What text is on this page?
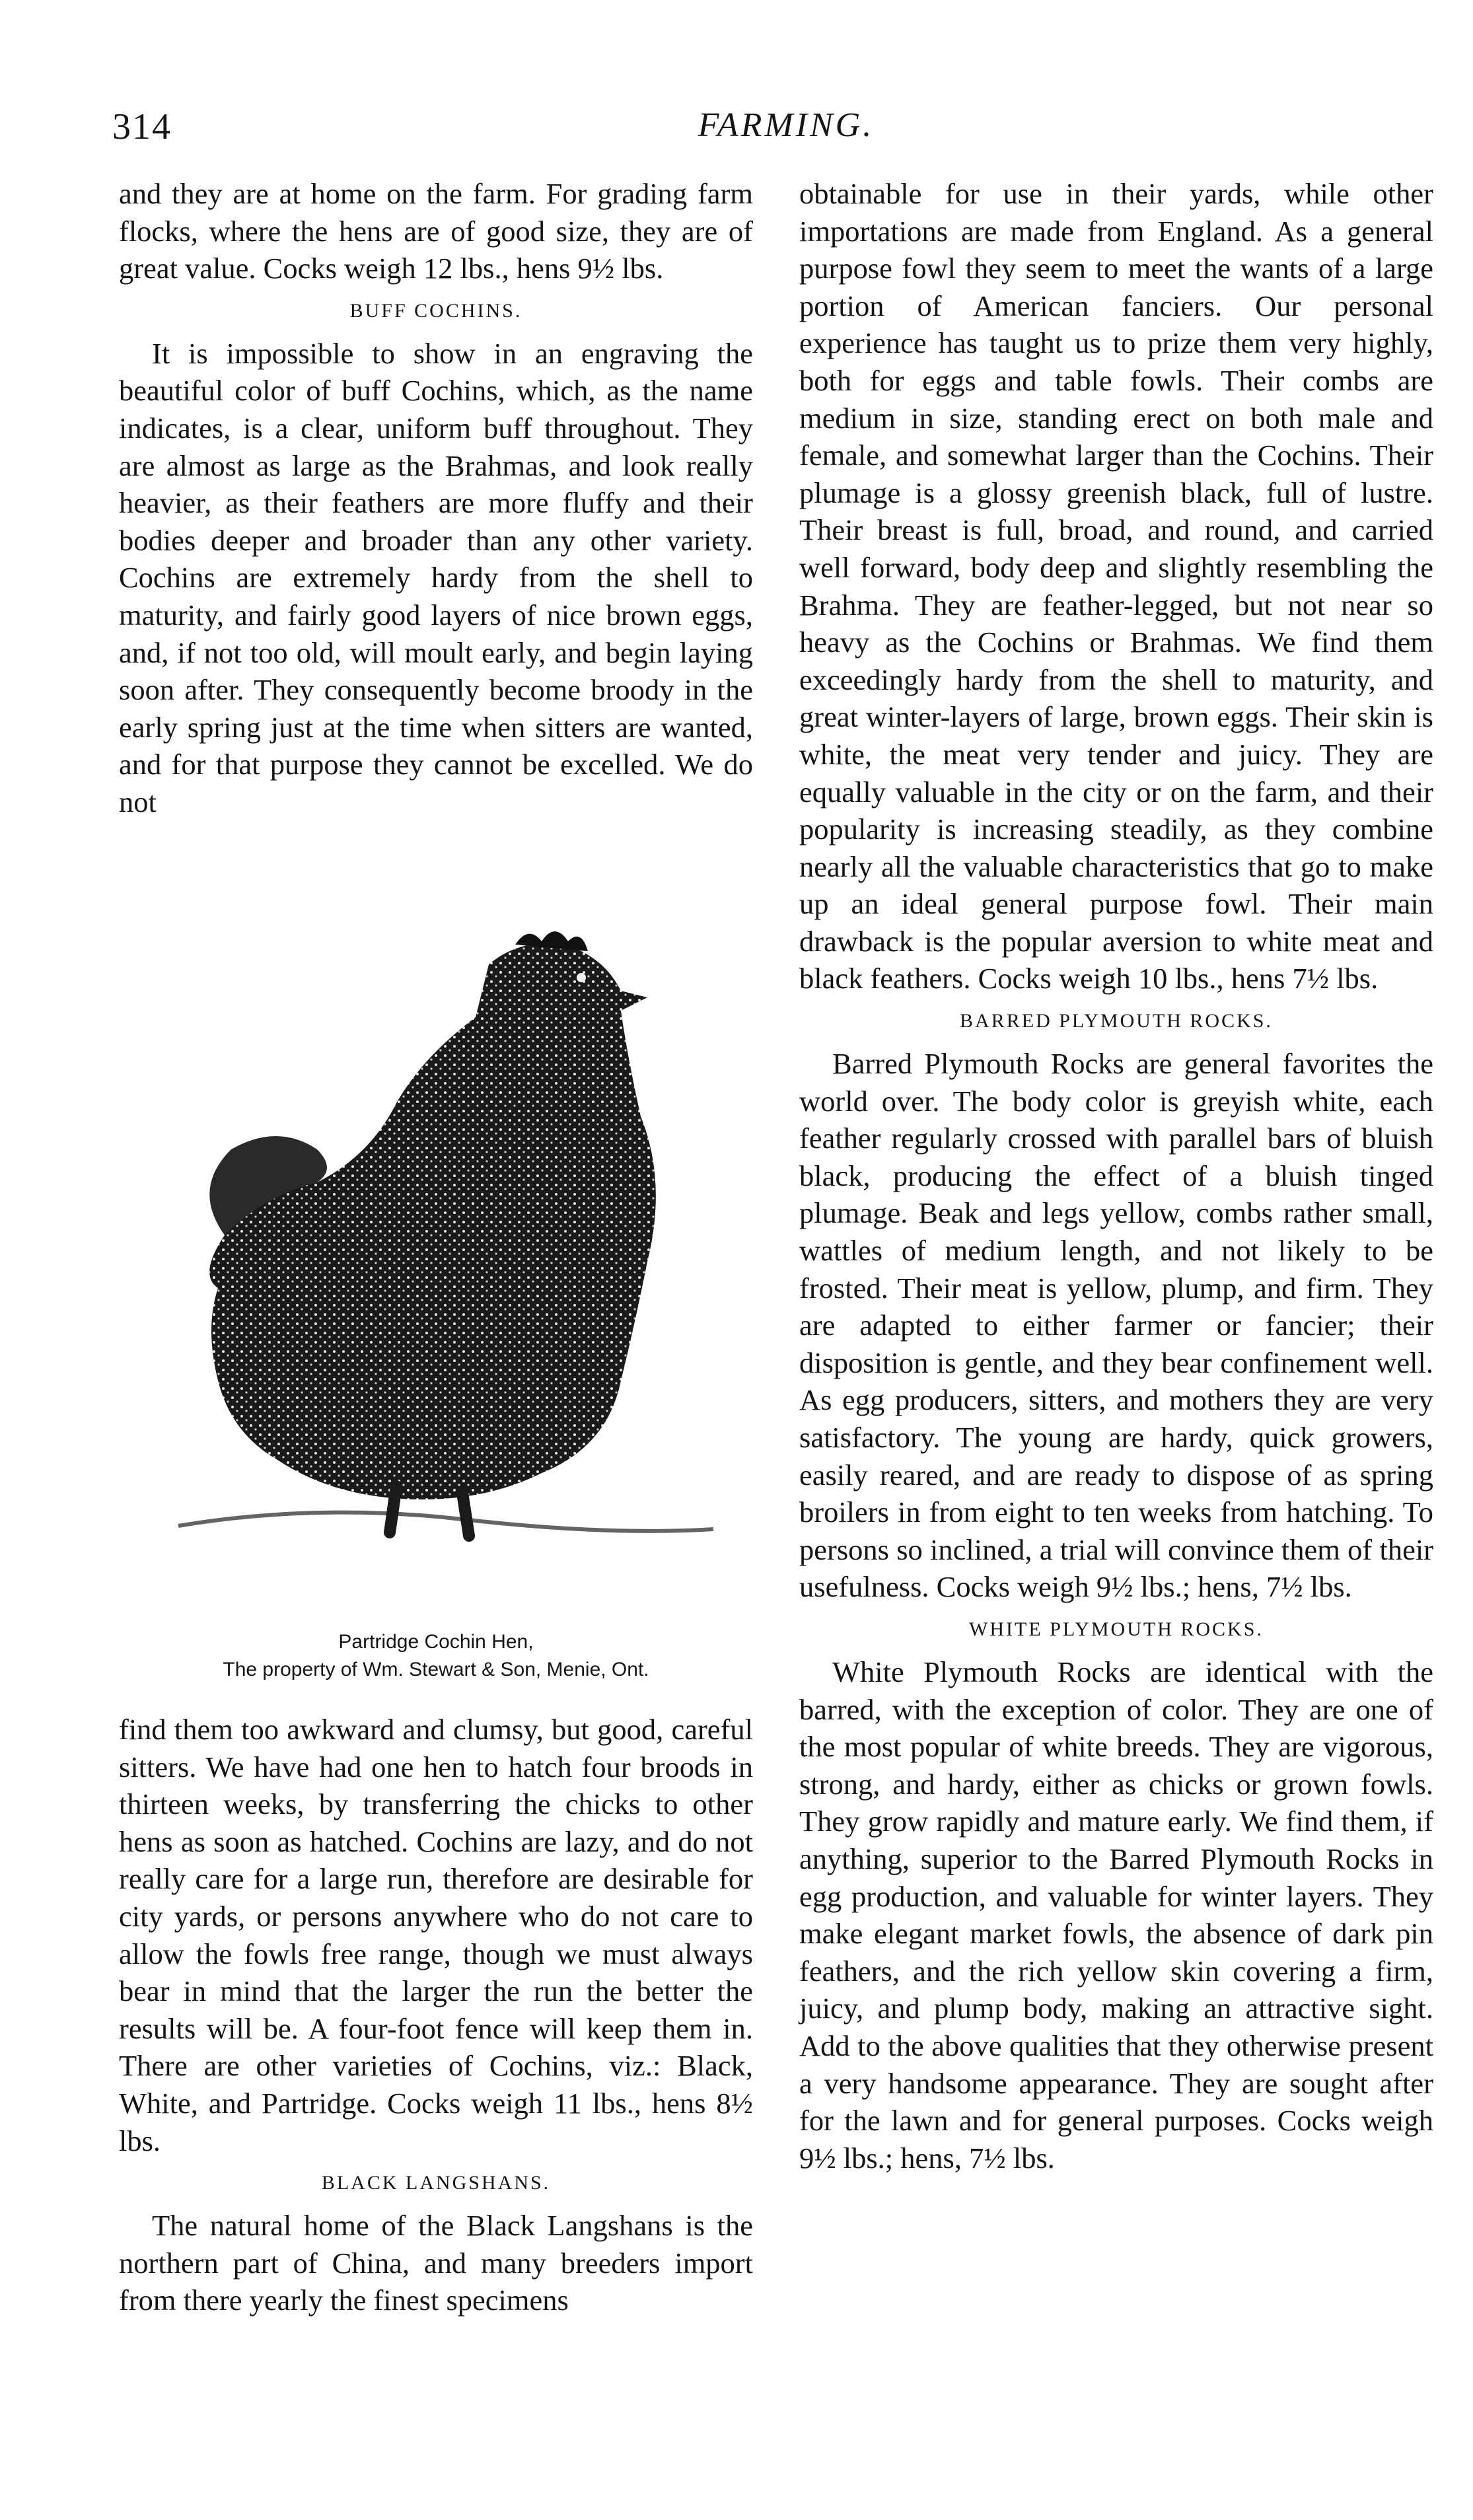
314	FARMING.

and they are at home on the farm. For grading farm flocks, where the hens are of good size, they are of great value. Cocks weigh 12 lbs., hens 9½ lbs.

BUFF COCHINS.

It is impossible to show in an engraving the beautiful color of buff Cochins, which, as the name indicates, is a clear, uniform buff throughout. They are almost as large as the Brahmas, and look really heavier, as their feathers are more fluffy and their bodies deeper and broader than any other variety. Cochins are extremely hardy from the shell to maturity, and fairly good layers of nice brown eggs, and, if not too old, will moult early, and begin laying soon after. They consequently become broody in the early spring just at the time when sitters are wanted, and for that purpose they cannot be excelled. We do not

Partridge Cochin Hen,
The property of Wm. Stewart & Son, Menie, Ont.

find them too awkward and clumsy, but good, careful sitters. We have had one hen to hatch four broods in thirteen weeks, by transferring the chicks to other hens as soon as hatched. Cochins are lazy, and do not really care for a large run, therefore are desirable for city yards, or persons anywhere who do not care to allow the fowls free range, though we must always bear in mind that the larger the run the better the results will be. A four-foot fence will keep them in. There are other varieties of Cochins, viz.: Black, White, and Partridge. Cocks weigh 11 lbs., hens 8½ lbs.

BLACK LANGSHANS.

The natural home of the Black Langshans is the northern part of China, and many breeders import from there yearly the finest specimens

obtainable for use in their yards, while other importations are made from England. As a general purpose fowl they seem to meet the wants of a large portion of American fanciers. Our personal experience has taught us to prize them very highly, both for eggs and table fowls. Their combs are medium in size, standing erect on both male and female, and somewhat larger than the Cochins. Their plumage is a glossy greenish black, full of lustre. Their breast is full, broad, and round, and carried well forward, body deep and slightly resembling the Brahma. They are feather-legged, but not near so heavy as the Cochins or Brahmas. We find them exceedingly hardy from the shell to maturity, and great winter-layers of large, brown eggs. Their skin is white, the meat very tender and juicy. They are equally valuable in the city or on the farm, and their popularity is increasing steadily, as they combine nearly all the valuable characteristics that go to make up an ideal general purpose fowl. Their main drawback is the popular aversion to white meat and black feathers. Cocks weigh 10 lbs., hens 7½ lbs.

BARRED PLYMOUTH ROCKS.

Barred Plymouth Rocks are general favorites the world over. The body color is greyish white, each feather regularly crossed with parallel bars of bluish black, producing the effect of a bluish tinged plumage. Beak and legs yellow, combs rather small, wattles of medium length, and not likely to be frosted. Their meat is yellow, plump, and firm. They are adapted to either farmer or fancier; their disposition is gentle, and they bear confinement well. As egg producers, sitters, and mothers they are very satisfactory. The young are hardy, quick growers, easily reared, and are ready to dispose of as spring broilers in from eight to ten weeks from hatching. To persons so inclined, a trial will convince them of their usefulness. Cocks weigh 9½ lbs.; hens, 7½ lbs.

WHITE PLYMOUTH ROCKS.

White Plymouth Rocks are identical with the barred, with the exception of color. They are one of the most popular of white breeds. They are vigorous, strong, and hardy, either as chicks or grown fowls. They grow rapidly and mature early. We find them, if anything, superior to the Barred Plymouth Rocks in egg production, and valuable for winter layers. They make elegant market fowls, the absence of dark pin feathers, and the rich yellow skin covering a firm, juicy, and plump body, making an attractive sight. Add to the above qualities that they otherwise present a very handsome appearance. They are sought after for the lawn and for general purposes. Cocks weigh 9½ lbs.; hens, 7½ lbs.
